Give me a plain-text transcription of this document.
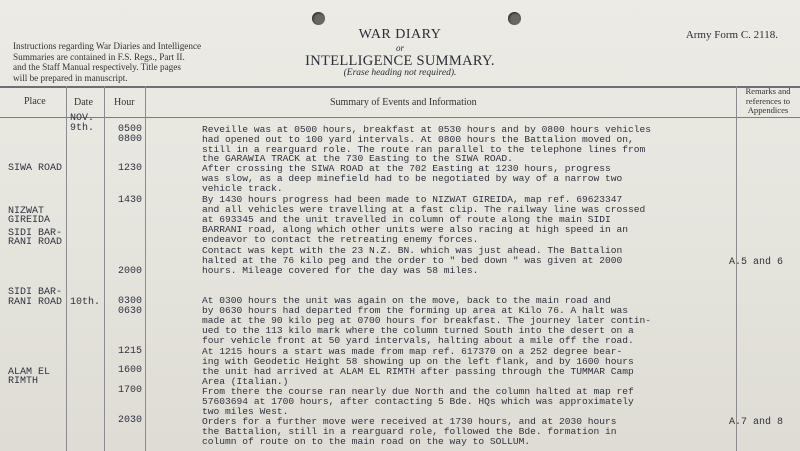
Instructions regarding War Diaries and Intelligence
Summaries are contained in F.S. Regs., Part II.
and the Staff Manual respectively. Title pages
will be prepared in manuscript.
WAR DIARY
or
INTELLIGENCE SUMMARY.
(Erase heading not required).
Army Form C. 2118.
Place	Date Hour	Summary of Events and Information
Remarks and
references to
Appendices
SIWA ROAD
NIZWAT
GIREIDA
SIDI BAR-
RANI ROAD
SIDI BAR-
RANI ROAD
ALAM EL
RIMTH
NOV.
9th.
10th.
0500
0800
1230
1430
2000
0300
0630
1215
1600
1700
2030
Reveille was at 0500 hours, breakfast at 0530 hours and by 0800 hours vehicles
had opened out to 100 yard intervals. At 0800 hours the Battalion moved on,
still in a rearguard role. The route ran parallel to the telephone lines from
the GARAWIA TRACK at the 730 Easting to the SIWA ROAD.
After crossing the SIWA ROAD at the 702 Easting at 1230 hours, progress
was slow, as a deep minefield had to be negotiated by way of a narrow two
vehicle track.
By 1430 hours progress had been made to NIZWAT GIREIDA, map ref. 69623347
and all vehicles were travelling at a fast clip. The railway line was crossed
at 693345 and the unit travelled in column of route along the main SIDI
BARRANI road, along which other units were also racing at high speed in an
endeavor to contact the retreating enemy forces.
Contact was kept with the 23 N.Z. BN. which was just ahead. The Battalion
halted at the 76 kilo peg and the order to " bed down " was given at 2000
hours. Mileage covered for the day was 58 miles.
At 0300 hours the unit was again on the move, back to the main road and
by 0630 hours had departed from the forming up area at Kilo 76. A halt was
made at the 90 kilo peg at 0700 hours for breakfast. The journey later contin-
ued to the 113 kilo mark where the column turned South into the desert on a
four vehicle front at 50 yard intervals, halting about a mile off the road.
At 1215 hours a start was made from map ref. 617370 on a 252 degree bear-
ing with Geodetic Height 58 showing up on the left flank, and by 1600 hours
the unit had arrived at ALAM EL RIMTH after passing through the TUMMAR Camp
Area (Italian.)
From there the course ran nearly due North and the column halted at map ref
57603694 at 1700 hours, after contacting 5 Bde. HQs which was approximately
two miles West.
Orders for a further move were received at 1730 hours, and at 2030 hours
the Battalion, still in a rearguard role, followed the Bde. formation in
column of route on to the main road on the way to SOLLUM.
A.5 and 6
A.7 and 8
